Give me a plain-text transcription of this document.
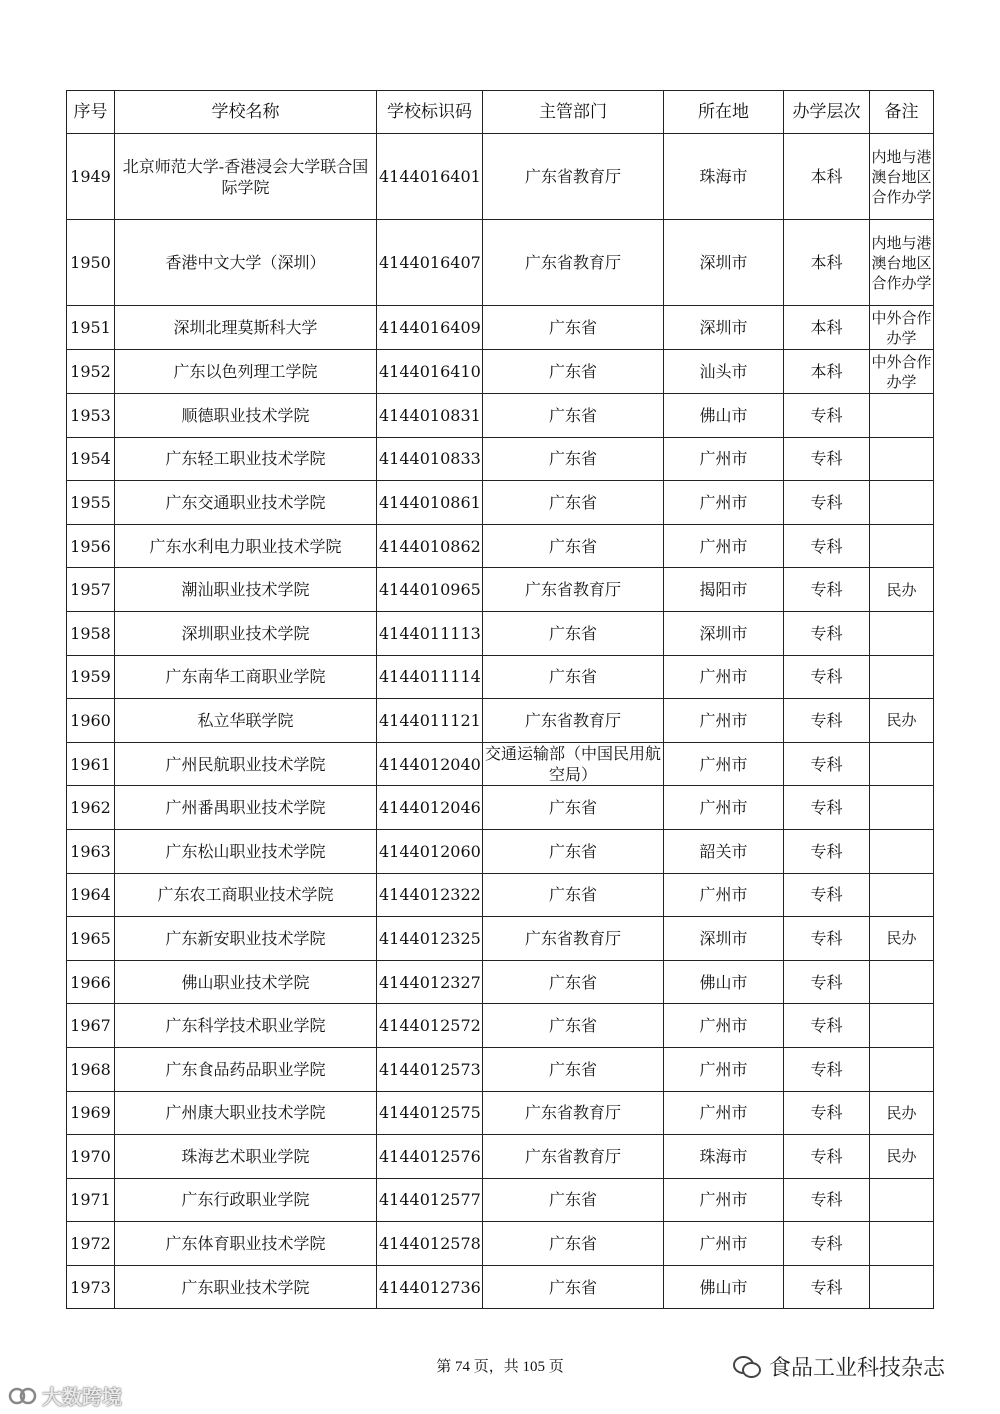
序号	学校名称	学校标识码	主管部门	所在地	办学层次	备注
1949	北京师范大学-香港浸会大学联合国际学院	4144016401	广东省教育厅	珠海市	本科	内地与港澳台地区合作办学
1950	香港中文大学（深圳）	4144016407	广东省教育厅	深圳市	本科	内地与港澳台地区合作办学
1951	深圳北理莫斯科大学	4144016409	广东省	深圳市	本科	中外合作办学
1952	广东以色列理工学院	4144016410	广东省	汕头市	本科	中外合作办学
1953	顺德职业技术学院	4144010831	广东省	佛山市	专科	
1954	广东轻工职业技术学院	4144010833	广东省	广州市	专科	
1955	广东交通职业技术学院	4144010861	广东省	广州市	专科	
1956	广东水利电力职业技术学院	4144010862	广东省	广州市	专科	
1957	潮汕职业技术学院	4144010965	广东省教育厅	揭阳市	专科	民办
1958	深圳职业技术学院	4144011113	广东省	深圳市	专科	
1959	广东南华工商职业学院	4144011114	广东省	广州市	专科	
1960	私立华联学院	4144011121	广东省教育厅	广州市	专科	民办
1961	广州民航职业技术学院	4144012040	交通运输部（中国民用航空局）	广州市	专科	
1962	广州番禺职业技术学院	4144012046	广东省	广州市	专科	
1963	广东松山职业技术学院	4144012060	广东省	韶关市	专科	
1964	广东农工商职业技术学院	4144012322	广东省	广州市	专科	
1965	广东新安职业技术学院	4144012325	广东省教育厅	深圳市	专科	民办
1966	佛山职业技术学院	4144012327	广东省	佛山市	专科	
1967	广东科学技术职业学院	4144012572	广东省	广州市	专科	
1968	广东食品药品职业学院	4144012573	广东省	广州市	专科	
1969	广州康大职业技术学院	4144012575	广东省教育厅	广州市	专科	民办
1970	珠海艺术职业学院	4144012576	广东省教育厅	珠海市	专科	民办
1971	广东行政职业学院	4144012577	广东省	广州市	专科	
1972	广东体育职业技术学院	4144012578	广东省	广州市	专科	
1973	广东职业技术学院	4144012736	广东省	佛山市	专科	
第 74 页，共 105 页	食品工业科技杂志
大数跨境
